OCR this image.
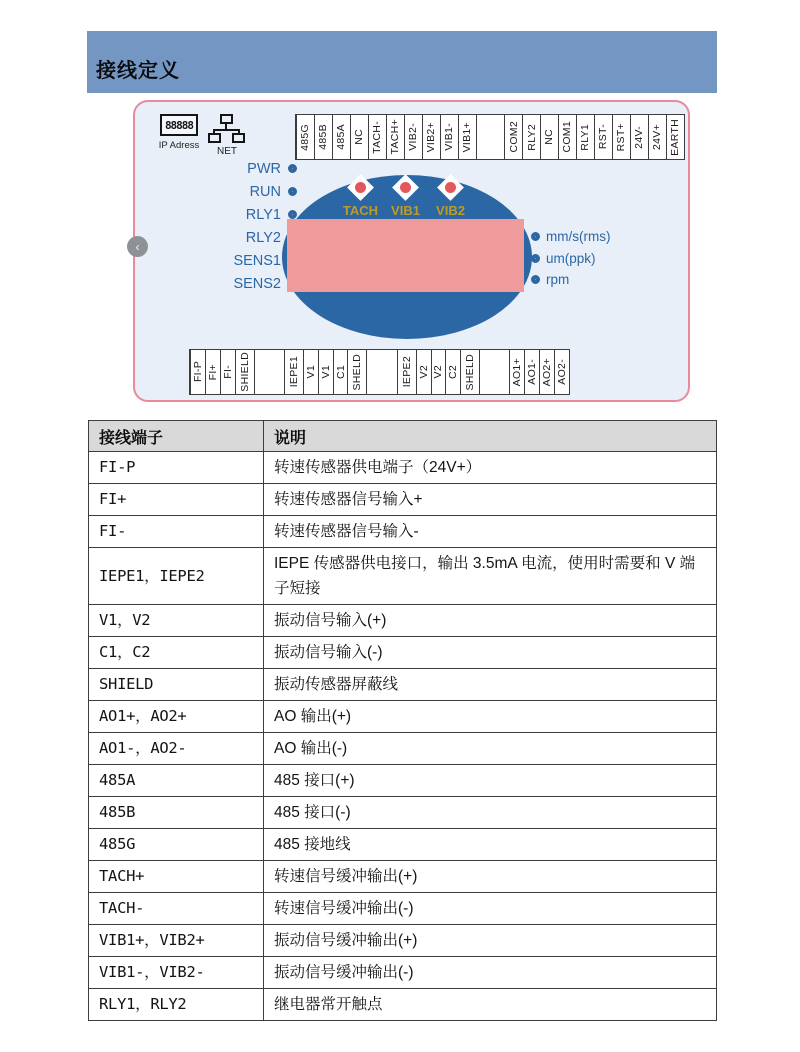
接线定义
‹
88888
IP Adress
NET
485G 485B 485A NC TACH- TACH+ VIB2- VIB2+ VIB1- VIB1+	COM2 RLY2 NC COM1 RLY1 RST- RST+ 24V- 24V+ EARTH
PWR
RUN
RLY1
RLY2
SENS1
SENS2
TACH VIB1 VIB2
mm/s(rms)
um(ppk)
rpm
FI-P FI+ FI- SHIELD	IEPE1 V1 V1 C1 SHELD	IEPE2 V2 V2 C2 SHELD	AO1+ AO1- AO2+ AO2-
接线端子	说明
FI-P	转速传感器供电端子（24V+）
FI+	转速传感器信号输入+
FI-	转速传感器信号输入-
IEPE1，IEPE2	IEPE 传感器供电接口，输出 3.5mA 电流，使用时需要和 V 端子短接
V1，V2	振动信号输入(+)
C1，C2	振动信号输入(-)
SHIELD	振动传感器屏蔽线
AO1+，AO2+	AO 输出(+)
AO1-，AO2-	AO 输出(-)
485A	485 接口(+)
485B	485 接口(-)
485G	485 接地线
TACH+	转速信号缓冲输出(+)
TACH-	转速信号缓冲输出(-)
VIB1+，VIB2+	振动信号缓冲输出(+)
VIB1-，VIB2-	振动信号缓冲输出(-)
RLY1，RLY2	继电器常开触点
